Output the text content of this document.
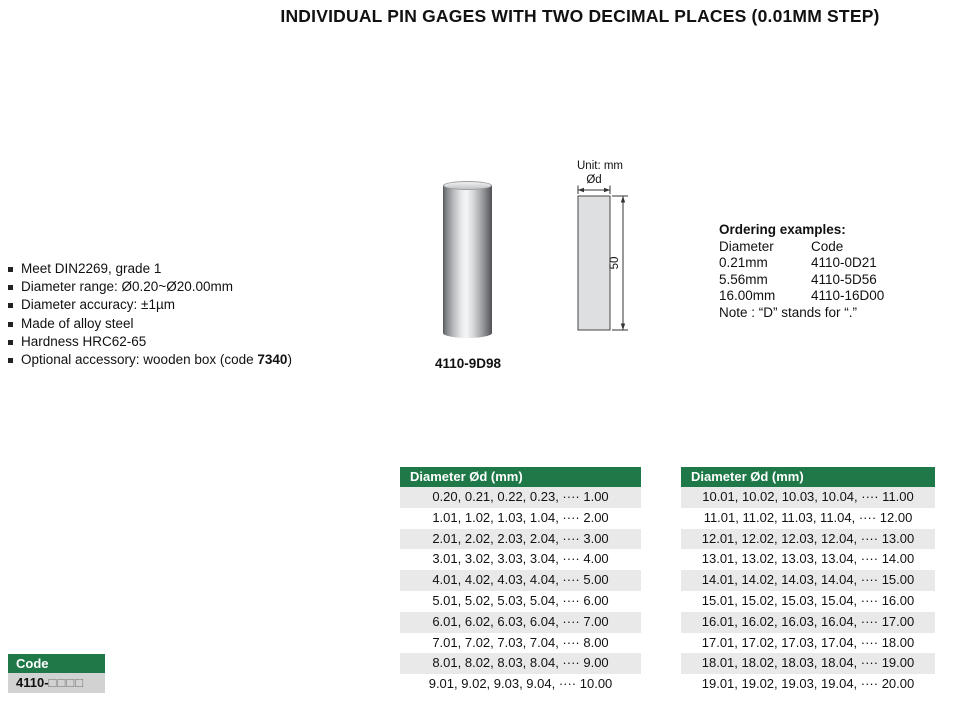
INDIVIDUAL PIN GAGES WITH TWO DECIMAL PLACES (0.01MM STEP)
Meet DIN2269, grade 1
Diameter range: Ø0.20~Ø20.00mm
Diameter accuracy: ±1µm
Made of alloy steel
Hardness HRC62-65
Optional accessory: wooden box (code 7340)	4110-9D98
Unit: mm
Ød
50
Ordering examples:
Diameter	Code
0.21mm	4110-0D21
5.56mm	4110-5D56
16.00mm	4110-16D00
Note : “D” stands for “.”
Code
4110-□□□□
Diameter Ød (mm)
0.20, 0.21, 0.22, 0.23, ···· 1.00
1.01, 1.02, 1.03, 1.04, ···· 2.00
2.01, 2.02, 2.03, 2.04, ···· 3.00
3.01, 3.02, 3.03, 3.04, ···· 4.00
4.01, 4.02, 4.03, 4.04, ···· 5.00
5.01, 5.02, 5.03, 5.04, ···· 6.00
6.01, 6.02, 6.03, 6.04, ···· 7.00
7.01, 7.02, 7.03, 7.04, ···· 8.00
8.01, 8.02, 8.03, 8.04, ···· 9.00
9.01, 9.02, 9.03, 9.04, ···· 10.00
Diameter Ød (mm)
10.01, 10.02, 10.03, 10.04, ···· 11.00
11.01, 11.02, 11.03, 11.04, ···· 12.00
12.01, 12.02, 12.03, 12.04, ···· 13.00
13.01, 13.02, 13.03, 13.04, ···· 14.00
14.01, 14.02, 14.03, 14.04, ···· 15.00
15.01, 15.02, 15.03, 15.04, ···· 16.00
16.01, 16.02, 16.03, 16.04, ···· 17.00
17.01, 17.02, 17.03, 17.04, ···· 18.00
18.01, 18.02, 18.03, 18.04, ···· 19.00
19.01, 19.02, 19.03, 19.04, ···· 20.00
